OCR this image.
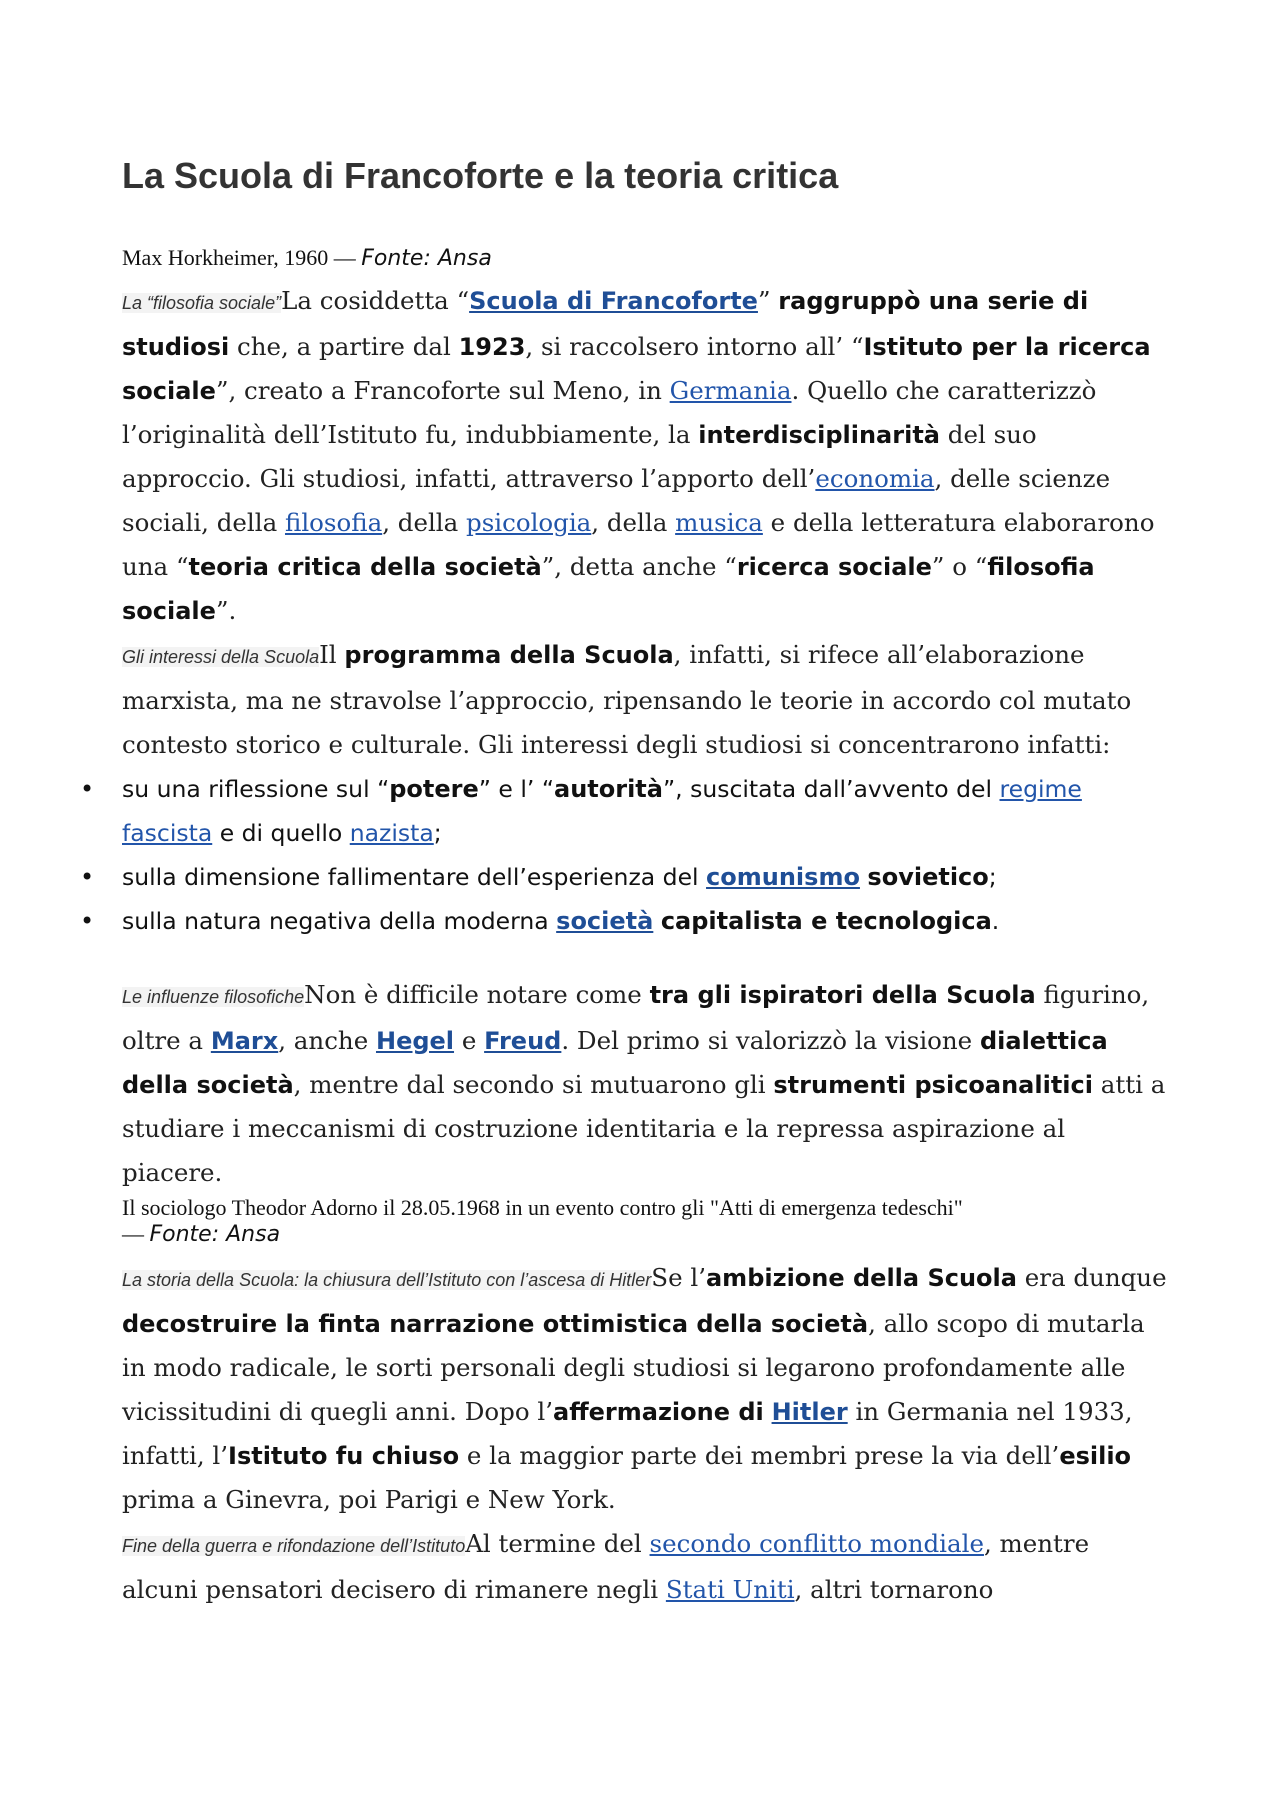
La Scuola di Francoforte e la teoria critica
Max Horkheimer, 1960 — Fonte: Ansa

La “filosofia sociale”La cosiddetta “Scuola di Francoforte” raggruppò una serie di studiosi che, a partire dal 1923, si raccolsero intorno all’ “Istituto per la ricerca sociale”, creato a Francoforte sul Meno, in Germania. Quello che caratterizzò l’originalità dell’Istituto fu, indubbiamente, la interdisciplinarità del suo approccio. Gli studiosi, infatti, attraverso l’apporto dell’economia, delle scienze sociali, della filosofia, della psicologia, della musica e della letteratura elaborarono una “teoria critica della società”, detta anche “ricerca sociale” o “filosofia sociale”.

Gli interessi della ScuolaIl programma della Scuola, infatti, si rifece all’elaborazione marxista, ma ne stravolse l’approccio, ripensando le teorie in accordo col mutato contesto storico e culturale. Gli interessi degli studiosi si concentrarono infatti:

• su una riflessione sul “potere” e l’ “autorità”, suscitata dall’avvento del regime fascista e di quello nazista;
• sulla dimensione fallimentare dell’esperienza del comunismo sovietico;
• sulla natura negativa della moderna società capitalista e tecnologica.

Le influenze filosoficheNon è difficile notare come tra gli ispiratori della Scuola figurino, oltre a Marx, anche Hegel e Freud. Del primo si valorizzò la visione dialettica della società, mentre dal secondo si mutuarono gli strumenti psicoanalitici atti a studiare i meccanismi di costruzione identitaria e la repressa aspirazione al piacere.

Il sociologo Theodor Adorno il 28.05.1968 in un evento contro gli "Atti di emergenza tedeschi"
— Fonte: Ansa

La storia della Scuola: la chiusura dell’Istituto con l’ascesa di HitlerSe l’ambizione della Scuola era dunque decostruire la finta narrazione ottimistica della società, allo scopo di mutarla in modo radicale, le sorti personali degli studiosi si legarono profondamente alle vicissitudini di quegli anni. Dopo l’affermazione di Hitler in Germania nel 1933, infatti, l’Istituto fu chiuso e la maggior parte dei membri prese la via dell’esilio prima a Ginevra, poi Parigi e New York.

Fine della guerra e rifondazione dell’IstitutoAl termine del secondo conflitto mondiale, mentre alcuni pensatori decisero di rimanere negli Stati Uniti, altri tornarono
